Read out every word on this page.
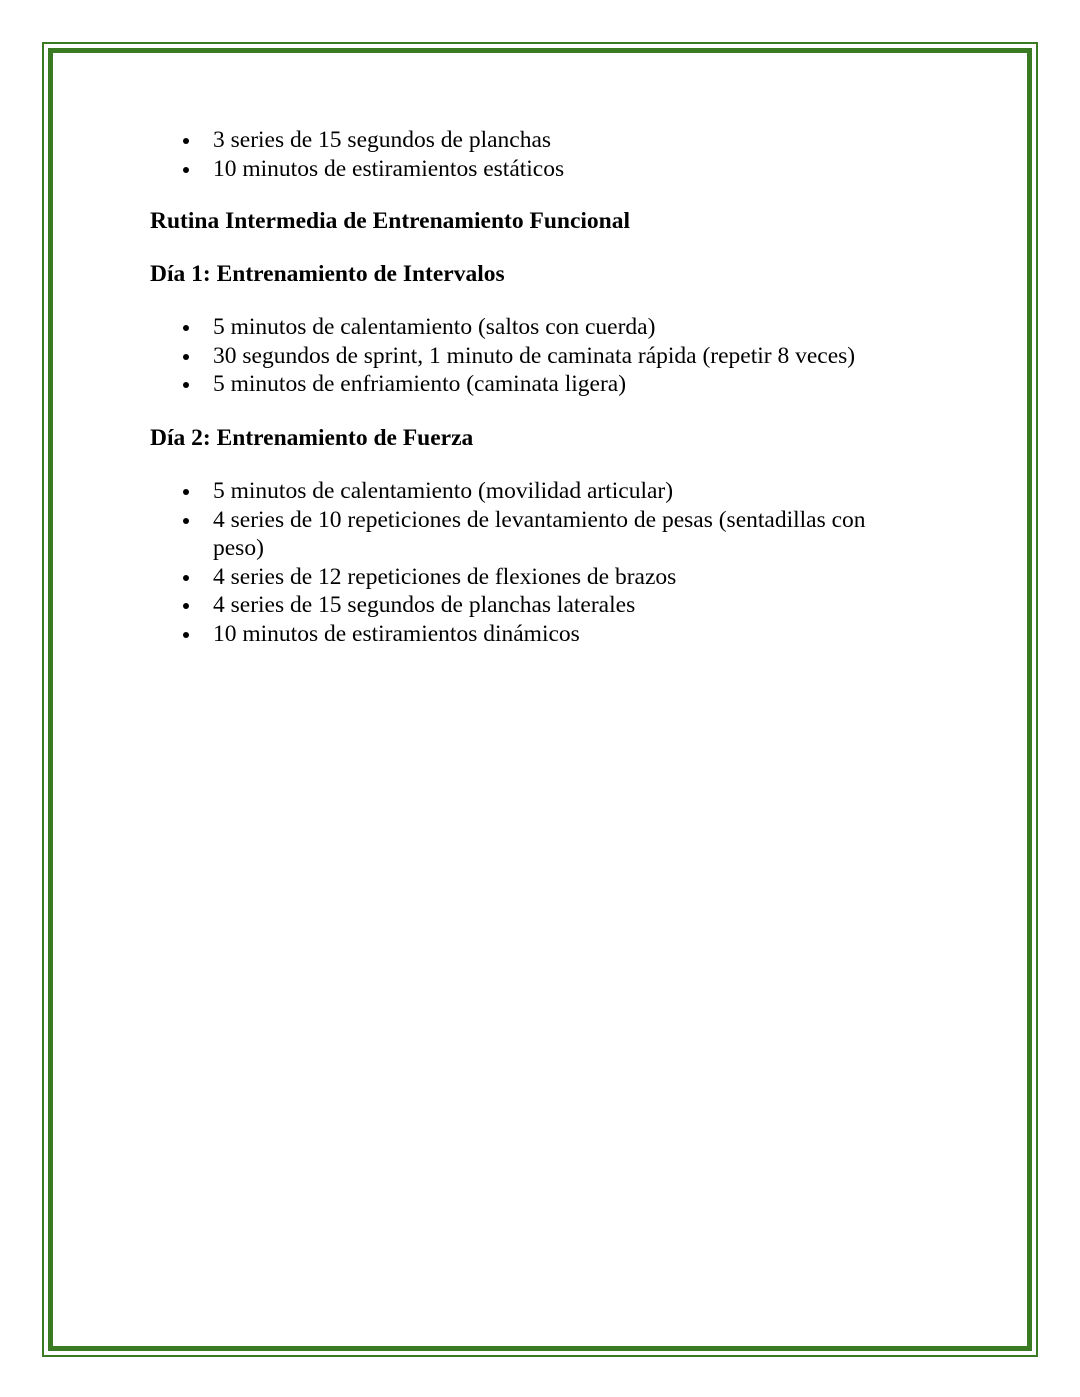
3 series de 15 segundos de planchas
10 minutos de estiramientos estáticos
Rutina Intermedia de Entrenamiento Funcional
Día 1: Entrenamiento de Intervalos
5 minutos de calentamiento (saltos con cuerda)
30 segundos de sprint, 1 minuto de caminata rápida (repetir 8 veces)
5 minutos de enfriamiento (caminata ligera)
Día 2: Entrenamiento de Fuerza
5 minutos de calentamiento (movilidad articular)
4 series de 10 repeticiones de levantamiento de pesas (sentadillas con peso)
4 series de 12 repeticiones de flexiones de brazos
4 series de 15 segundos de planchas laterales
10 minutos de estiramientos dinámicos
